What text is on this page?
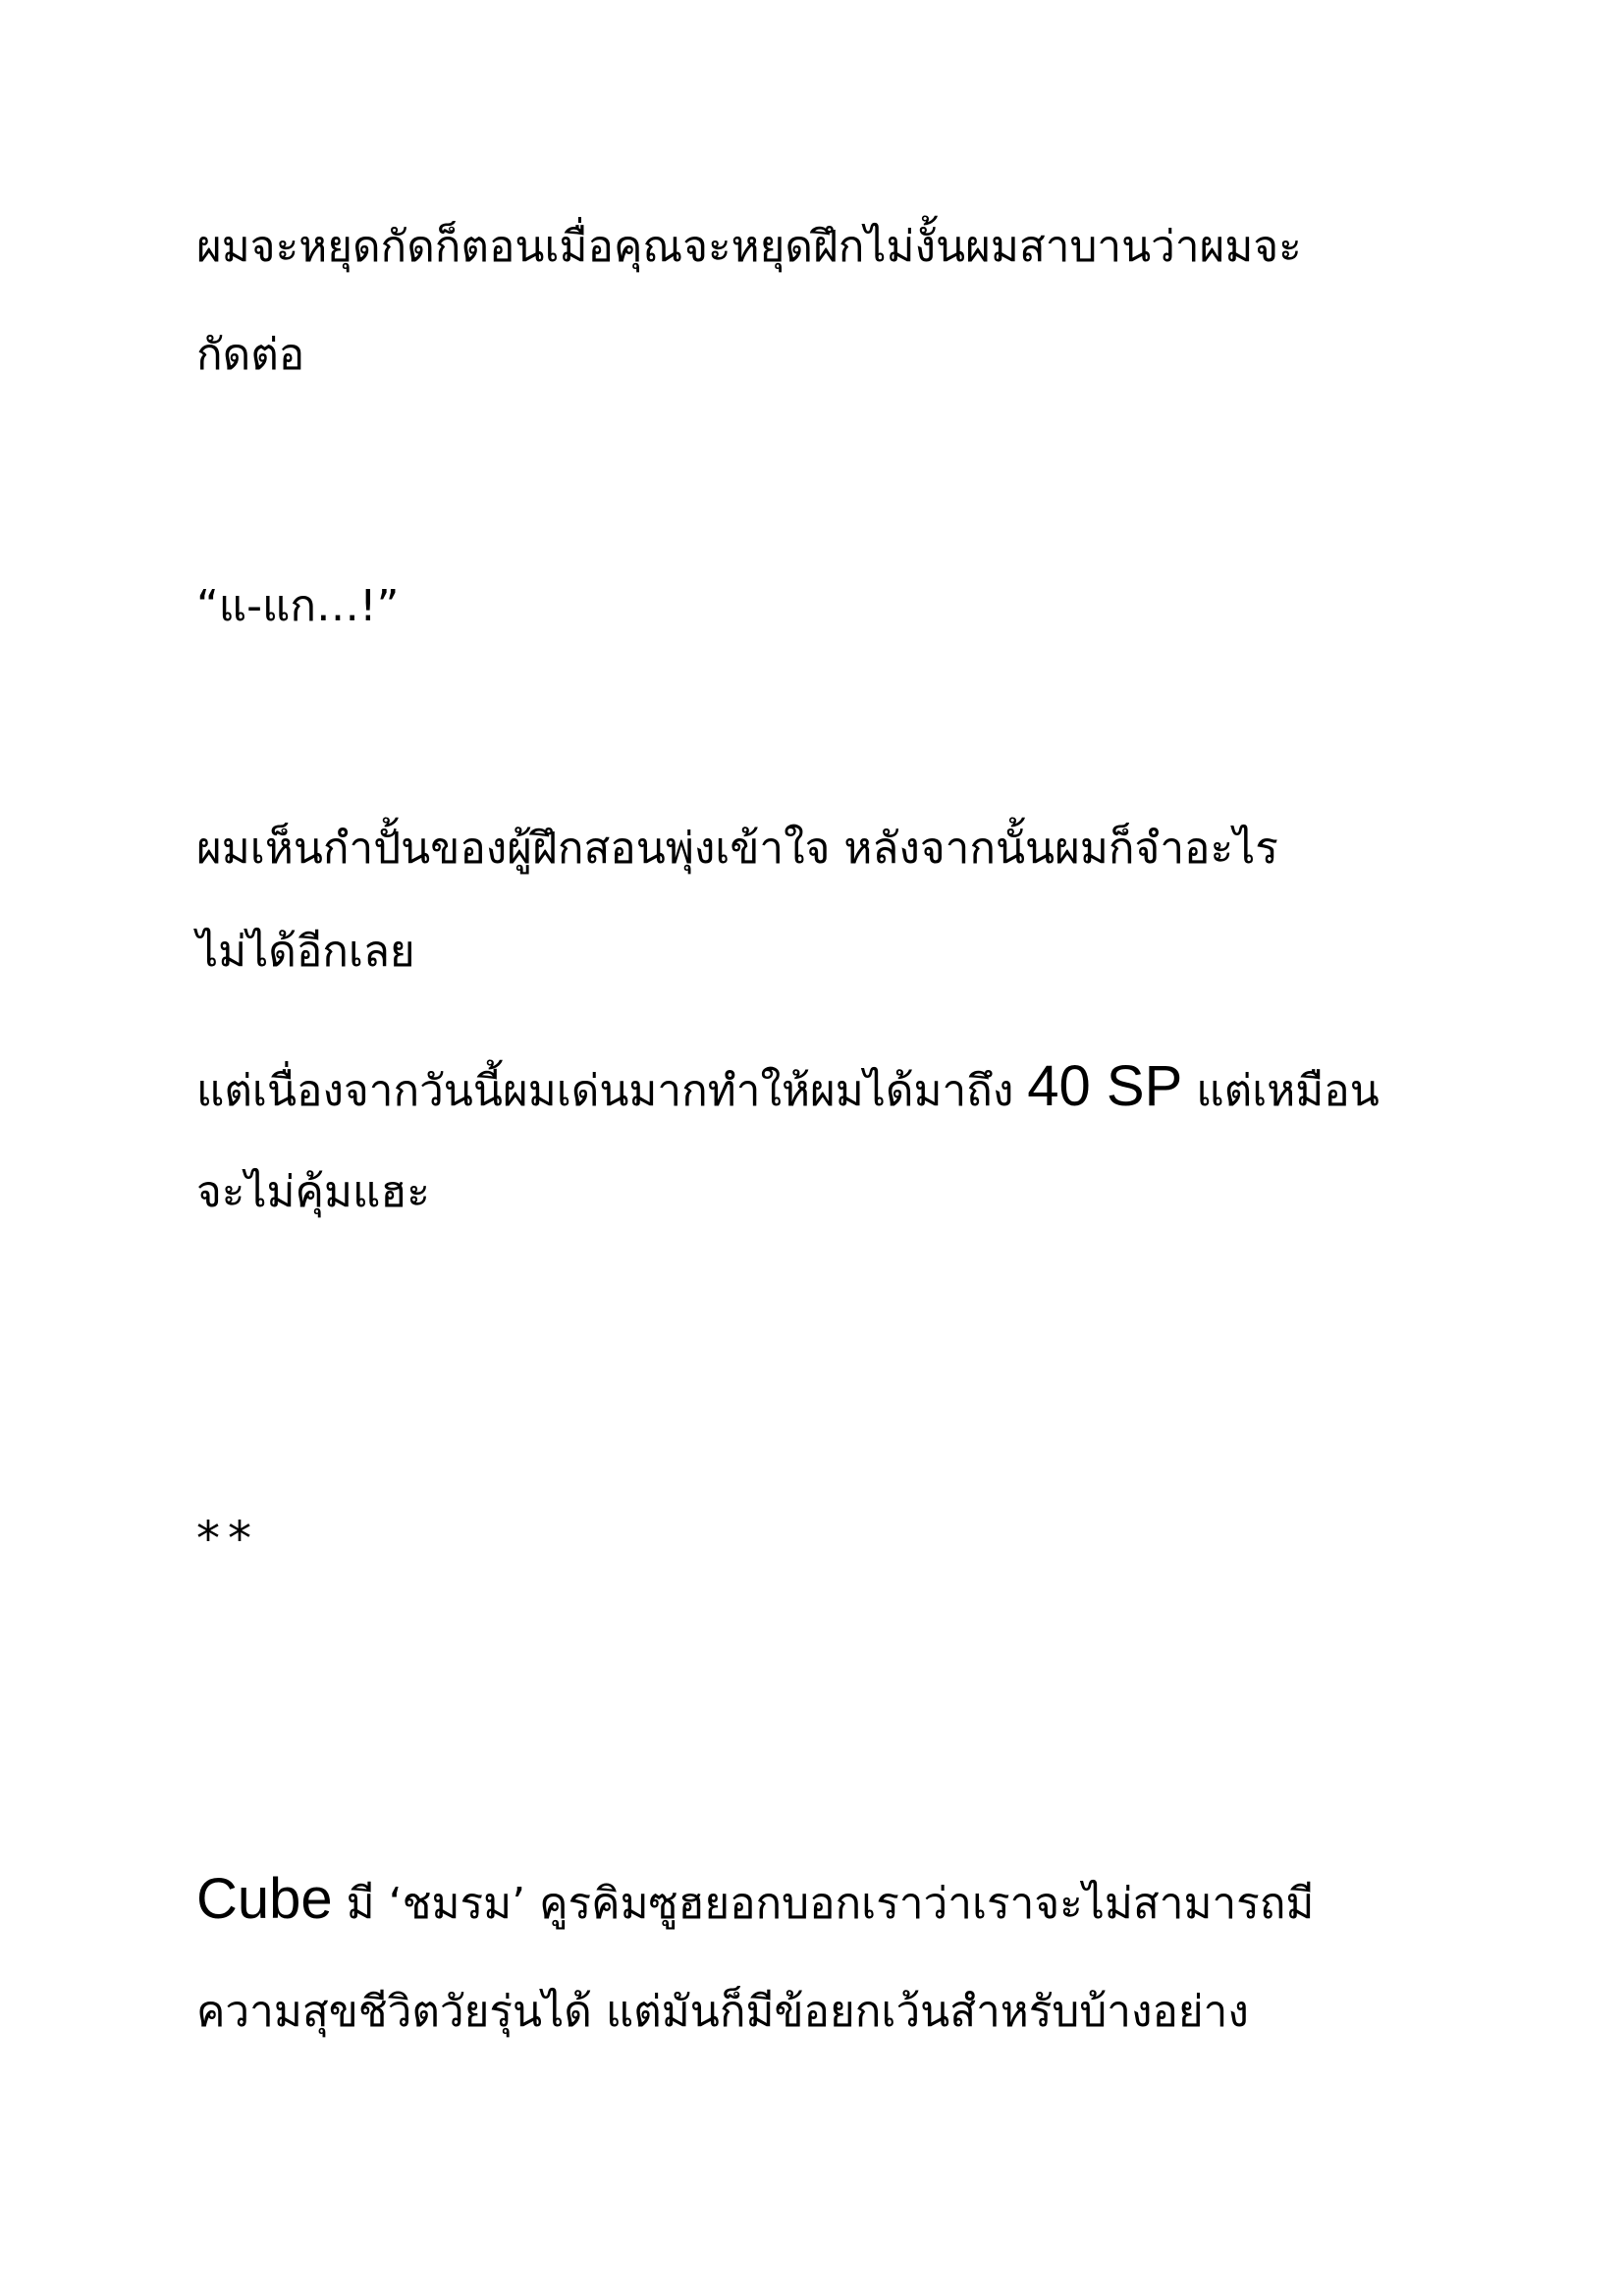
ผมจะหยุดกัดก็ตอนเมื่อคุณจะหยุดฝึกไม่งั้นผมสาบานว่าผมจะ

กัดต่อ

“แ-แก…!”

ผมเห็นกำปั้นของผู้ฝึกสอนพุ่งเข้าใจ หลังจากนั้นผมก็จำอะไร

ไม่ได้อีกเลย

แต่เนื่องจากวันนี้ผมเด่นมากทำให้ผมได้มาถึง 40 SP แต่เหมือน

จะไม่คุ้มแฮะ

**

Cube มี ‘ชมรม’ คูรคิมซูฮยอกบอกเราว่าเราจะไม่สามารถมี

ความสุขชีวิตวัยรุ่นได้ แต่มันก็มีข้อยกเว้นสำหรับบ้างอย่าง
